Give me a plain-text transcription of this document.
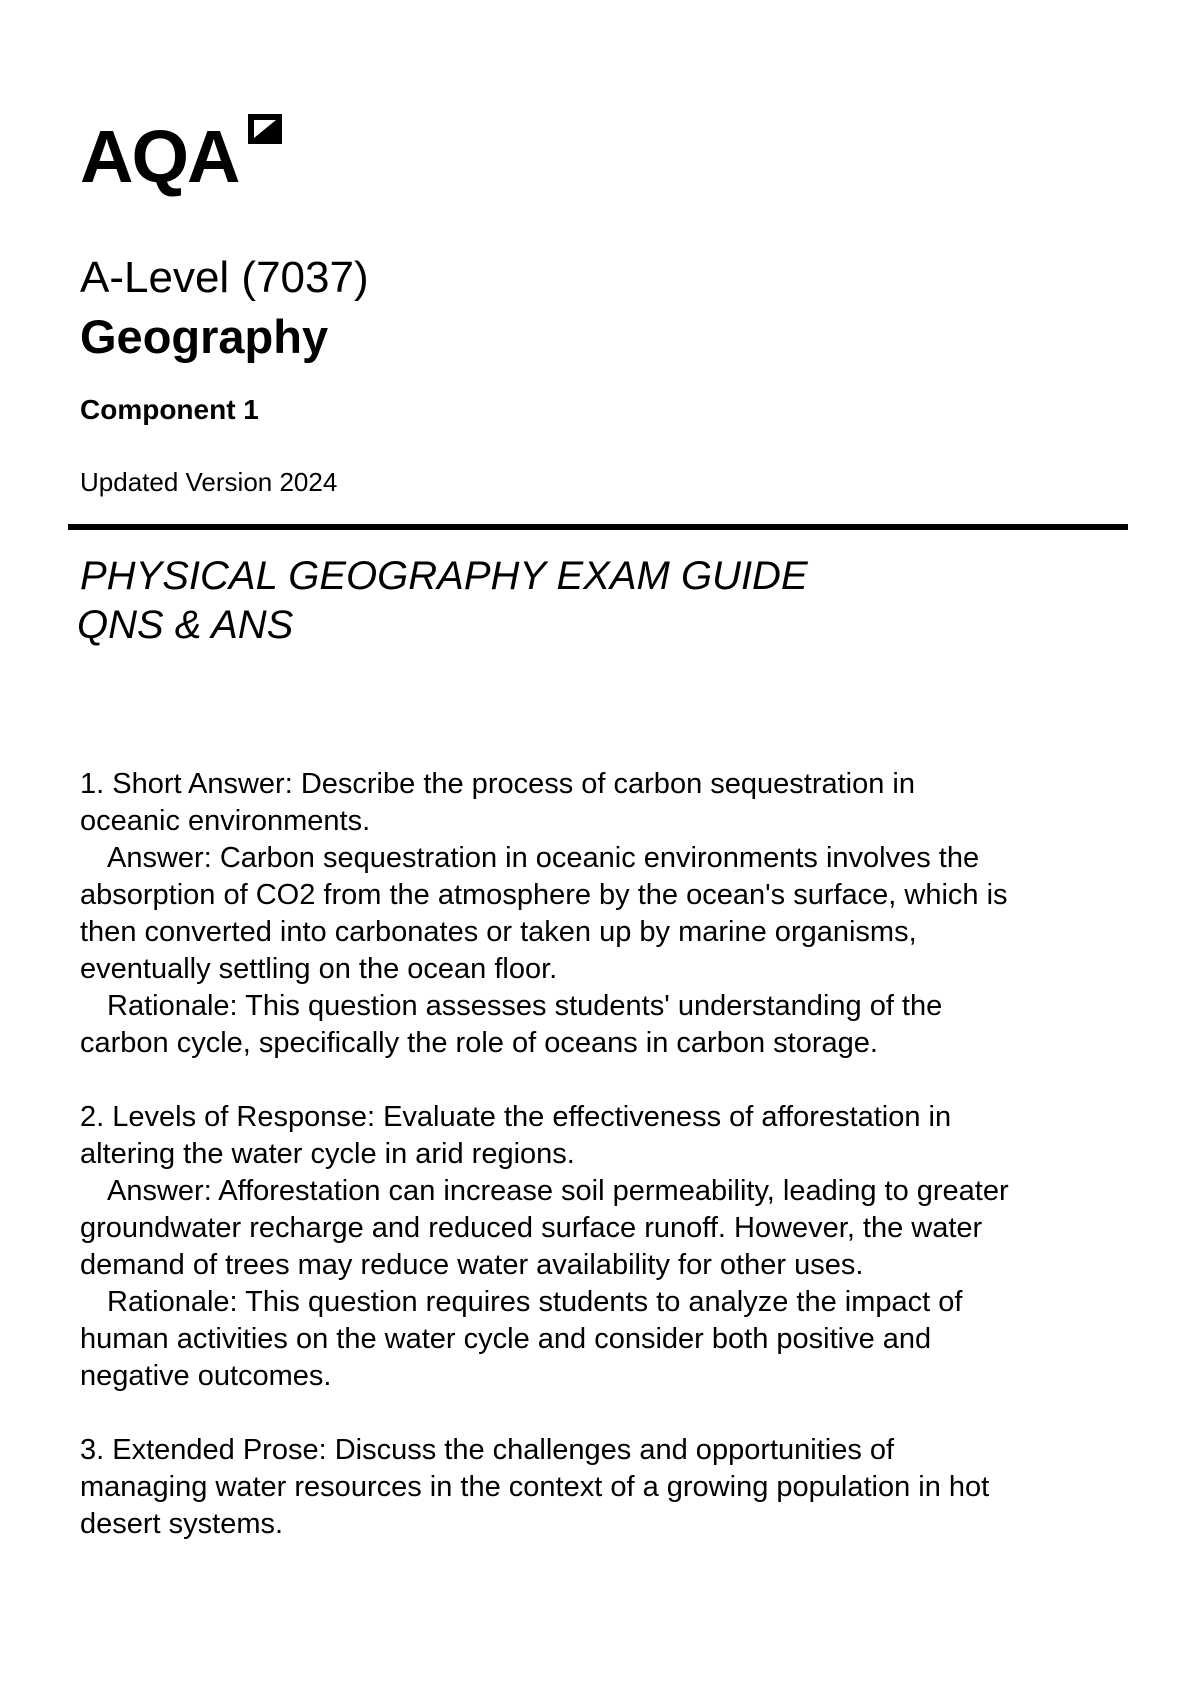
AQA
A-Level (7037)
Geography
Component 1
Updated Version 2024
PHYSICAL GEOGRAPHY EXAM GUIDE
QNS & ANS

1. Short Answer: Describe the process of carbon sequestration in oceanic environments.

Answer: Carbon sequestration in oceanic environments involves the absorption of CO2 from the atmosphere by the ocean's surface, which is then converted into carbonates or taken up by marine organisms, eventually settling on the ocean floor.

Rationale: This question assesses students' understanding of the carbon cycle, specifically the role of oceans in carbon storage.

2. Levels of Response: Evaluate the effectiveness of afforestation in altering the water cycle in arid regions.

Answer: Afforestation can increase soil permeability, leading to greater groundwater recharge and reduced surface runoff. However, the water demand of trees may reduce water availability for other uses.

Rationale: This question requires students to analyze the impact of human activities on the water cycle and consider both positive and negative outcomes.

3. Extended Prose: Discuss the challenges and opportunities of managing water resources in the context of a growing population in hot desert systems.
